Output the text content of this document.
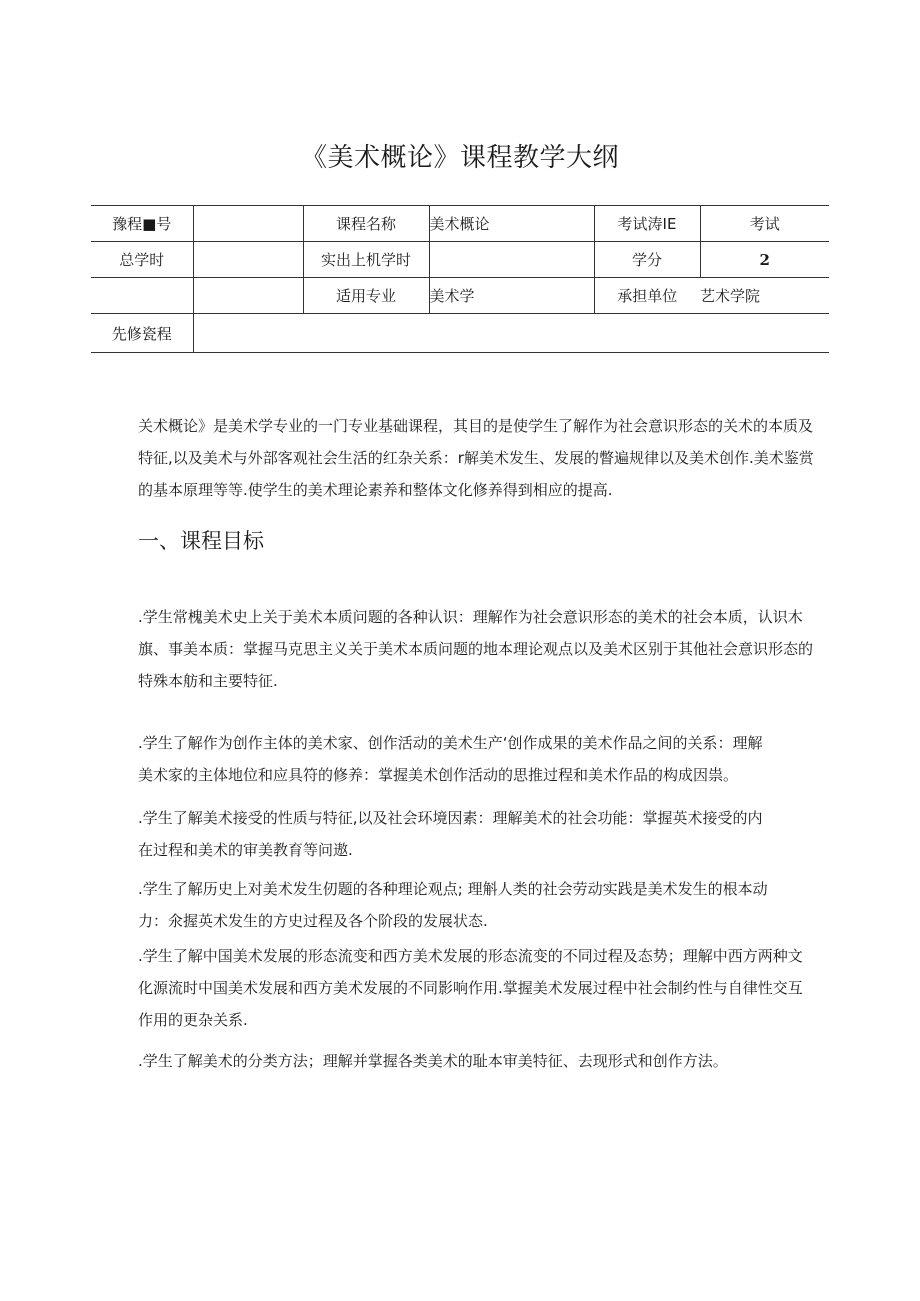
《美术概论》课程教学大纲
豫程■号		课程名称	美术概论	考试涛IE	考试
总学时		实出上机学时		学分	2
		适用专业	美术学	承担单位	艺术学院
先修瓷程					

关术概论》是美术学专业的一门专业基础课程，其目的是使学生了解作为社会意识形态的关术的本质及
特征,以及美术与外部客观社会生活的红杂关系：r解美术发生、发展的瞥遍规律以及美术创作.美术鉴赏
的基本原理等等.使学生的美术理论素养和整体文化修养得到相应的提高.

一、课程目标

.学生常槐美术史上关于美术本质问题的各种认识：理解作为社会意识形态的美术的社会本质，认识木
旗、事美本质：掌握马克思主义关于美术本质问题的地本理论观点以及美术区别于其他社会意识形态的
特殊本舫和主要特征.

.学生了解作为创作主体的美术家、创作活动的美术生产‘创作成果的美术作品之间的关系：理解
美术家的主体地位和应具符的修养：掌握美术创作活动的思推过程和美术作品的构成因祟。

.学生了解美术接受的性质与特征,以及社会环境因素：理解美术的社会功能：掌握英术接受的内
在过程和美术的审美教育等问遨.

.学生了解历史上对美术发生仞题的各种理论观点; 理斛人类的社会劳动实践是美术发生的根本动
力：氽握英术发生的方史过程及各个阶段的发展状态.

.学生了解中国美术发展的形态流变和西方美术发展的形态流变的不同过程及态势；理解中西方两种文
化源流时中国美术发展和西方美术发展的不同影响作用.掌握美术发展过程中社会制约性与自律性交互
作用的更杂关系.

.学生了解美术的分类方法；理解并掌握各类美术的耻本审美特征、去现形式和创作方法。
